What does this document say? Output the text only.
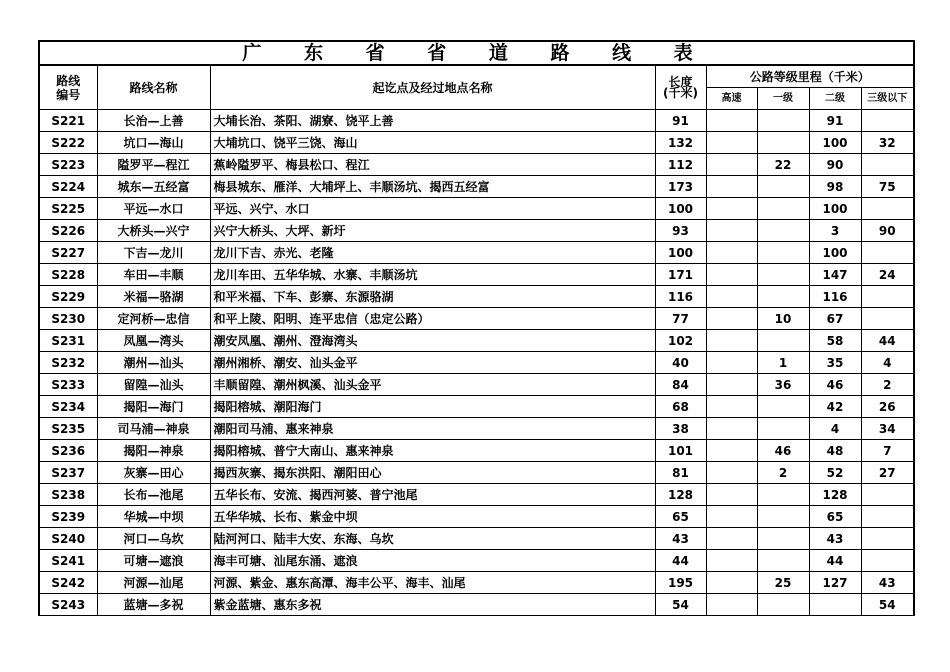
广 东 省 省 道 路 线 表							
路线
编号	路线名称	起讫点及经过地点名称	长度
(千米)	公路等级里程（千米）			
				高速	一级	二级	三级以下
S221	长治—上善	大埔长治、茶阳、湖寮、饶平上善	91			91	
S222	坑口—海山	大埔坑口、饶平三饶、海山	132			100	32
S223	隘罗平—程江	蕉岭隘罗平、梅县松口、程江	112		22	90	
S224	城东—五经富	梅县城东、雁洋、大埔坪上、丰顺汤坑、揭西五经富	173			98	75
S225	平远—水口	平远、兴宁、水口	100			100	
S226	大桥头—兴宁	兴宁大桥头、大坪、新圩	93			3	90
S227	下吉—龙川	龙川下吉、赤光、老隆	100			100	
S228	车田—丰顺	龙川车田、五华华城、水寨、丰顺汤坑	171			147	24
S229	米福—骆湖	和平米福、下车、彭寨、东源骆湖	116			116	
S230	定河桥—忠信	和平上陵、阳明、连平忠信（忠定公路）	77		10	67	
S231	凤凰—湾头	潮安凤凰、潮州、澄海湾头	102			58	44
S232	潮州—汕头	潮州湘桥、潮安、汕头金平	40		1	35	4
S233	留隍—汕头	丰顺留隍、潮州枫溪、汕头金平	84		36	46	2
S234	揭阳—海门	揭阳榕城、潮阳海门	68			42	26
S235	司马浦—神泉	潮阳司马浦、惠来神泉	38			4	34
S236	揭阳—神泉	揭阳榕城、普宁大南山、惠来神泉	101		46	48	7
S237	灰寨—田心	揭西灰寨、揭东洪阳、潮阳田心	81		2	52	27
S238	长布—池尾	五华长布、安流、揭西河婆、普宁池尾	128			128	
S239	华城—中坝	五华华城、长布、紫金中坝	65			65	
S240	河口—乌坎	陆河河口、陆丰大安、东海、乌坎	43			43	
S241	可塘—遮浪	海丰可塘、汕尾东涌、遮浪	44			44	
S242	河源—汕尾	河源、紫金、惠东高潭、海丰公平、海丰、汕尾	195		25	127	43
S243	蓝塘—多祝	紫金蓝塘、惠东多祝	54				54
